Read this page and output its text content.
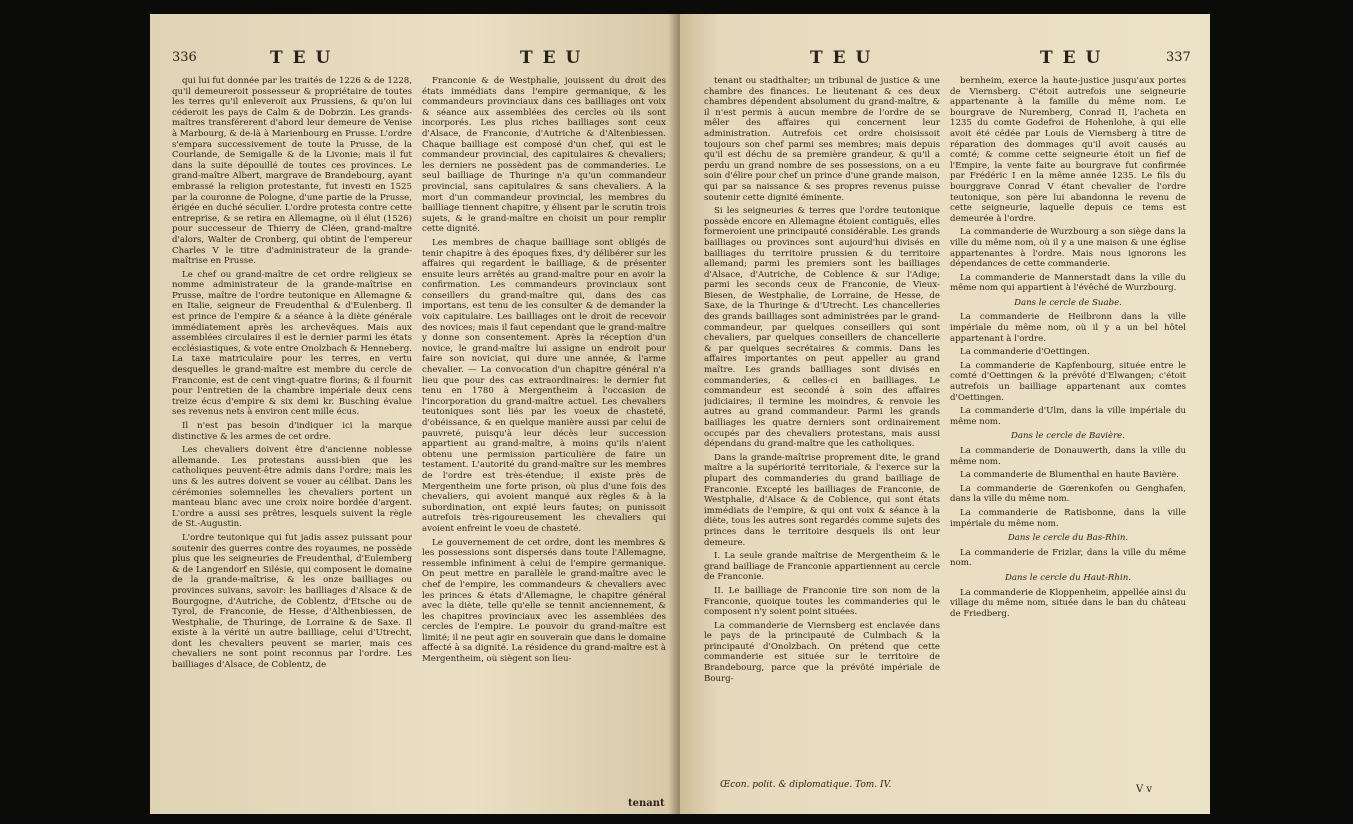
336	T E U	T E U

qui lui fut donnée par les traités de 1226 & de 1228, qu'il demeureroit possesseur & propriétaire de toutes les terres qu'il enleveroit aux Prussiens, & qu'on lui céderoit les pays de Calm & de Dobrzin. Les grands-maîtres transférerent d'abord leur demeure de Venise à Marbourg, & de-là à Marienbourg en Prusse. L'ordre s'empara successivement de toute la Prusse, de la Courlande, de Semigalle & de la Livonie; mais il fut dans la suite dépouillé de toutes ces provinces. Le grand-maître Albert, margrave de Brandebourg, ayant embrassé la religion protestante, fut investi en 1525 par la couronne de Pologne, d'une partie de la Prusse, érigée en duché séculier. L'ordre protesta contre cette entreprise, & se retira en Allemagne, où il élut (1526) pour successeur de Thierry de Cléen, grand-maître d'alors, Walter de Cronberg, qui obtint de l'empereur Charles V le titre d'administrateur de la grande-maîtrise en Prusse.

Le chef ou grand-maître de cet ordre religieux se nomme administrateur de la grande-maîtrise en Prusse, maître de l'ordre teutonique en Allemagne & en Italie, seigneur de Freudenthal & d'Eulenberg. Il est prince de l'empire & a séance à la diète générale immédiatement après les archevêques. Mais aux assemblées circulaires il est le dernier parmi les états ecclésiastiques, & vote entre Onolzbach & Henneberg. La taxe matriculaire pour les terres, en vertu desquelles le grand-maître est membre du cercle de Franconie, est de cent vingt-quatre florins; & il fournit pour l'entretien de la chambre impériale deux cens treize écus d'empire & six demi kr. Busching évalue ses revenus nets à environ cent mille écus.

Il n'est pas besoin d'indiquer ici la marque distinctive & les armes de cet ordre.

Les chevaliers doivent être d'ancienne noblesse allemande. Les protestans aussi-bien que les catholiques peuvent-être admis dans l'ordre; mais les uns & les autres doivent se vouer au célibat. Dans les cérémonies solemnelles les chevaliers portent un manteau blanc avec une croix noire bordée d'argent. L'ordre a aussi ses prêtres, lesquels suivent la règle de St.-Augustin.

L'ordre teutonique qui fut jadis assez puissant pour soutenir des guerres contre des royaumes, ne possède plus que les seigneuries de Freudenthal, d'Eulemberg & de Langendorf en Silésie, qui composent le domaine de la grande-maîtrise, & les onze bailliages ou provinces suivans, savoir: les bailliages d'Alsace & de Bourgogne, d'Autriche, de Coblentz, d'Etsche ou de Tyrol, de Franconie, de Hesse, d'Althenbiessen, de Westphalie, de Thuringe, de Lorraine & de Saxe. Il existe à la vérité un autre bailliage, celui d'Utrecht, dont les chevaliers peuvent se marier, mais ces chevaliers ne sont point reconnus par l'ordre. Les bailliages d'Alsace, de Coblentz, de

Franconie & de Westphalie, jouissent du droit des états immédiats dans l'empire germanique, & les commandeurs provinciaux dans ces bailliages ont voix & séance aux assemblées des cercles où ils sont incorporés. Les plus riches bailliages sont ceux d'Alsace, de Franconie, d'Autriche & d'Altenbiessen. Chaque bailliage est composé d'un chef, qui est le commandeur provincial, des capitulaires & chevaliers; les derniers ne possèdent pas de commanderies. Le seul bailliage de Thuringe n'a qu'un commandeur provincial, sans capitulaires & sans chevaliers. A la mort d'un commandeur provincial, les membres du bailliage tiennent chapitre, y élisent par le scrutin trois sujets, & le grand-maître en choisit un pour remplir cette dignité.

Les membres de chaque bailliage sont obligés de tenir chapitre à des époques fixes, d'y délibérer sur les affaires qui regardent le bailliage, & de présenter ensuite leurs arrêtés au grand-maître pour en avoir la confirmation. Les commandeurs provinciaux sont conseillers du grand-maître qui, dans des cas importans, est tenu de les consulter & de demander la voix capitulaire. Les bailliages ont le droit de recevoir des novices; mais il faut cependant que le grand-maître y donne son consentement. Après la réception d'un novice, le grand-maître lui assigne un endroit pour faire son noviciat, qui dure une année, & l'arme chevalier. — La convocation d'un chapitre général n'a lieu que pour des cas extraordinaires: le dernier fut tenu en 1780 à Mergentheim à l'occasion de l'incorporation du grand-maître actuel. Les chevaliers teutoniques sont liés par les voeux de chasteté, d'obéissance, & en quelque manière aussi par celui de pauvreté, puisqu'à leur décès leur succession appartient au grand-maître, à moins qu'ils n'aient obtenu une permission particulière de faire un testament. L'autorité du grand-maître sur les membres de l'ordre est très-étendue; il existe près de Mergentheim une forte prison, où plus d'une fois des chevaliers, qui avoient manqué aux règles & à la subordination, ont expié leurs fautes; on punissoit autrefois très-rigoureusement les chevaliers qui avoient enfreint le voeu de chasteté.

Le gouvernement de cet ordre, dont les membres & les possessions sont dispersés dans toute l'Allemagne, ressemble infiniment à celui de l'empire germanique. On peut mettre en parallèle le grand-maître avec le chef de l'empire, les commandeurs & chevaliers avec les princes & états d'Allemagne, le chapitre général avec la diète, telle qu'elle se tennit anciennement, & les chapitres provinciaux avec les assemblées des cercles de l'empire. Le pouvoir du grand-maître est limité; il ne peut agir en souverain que dans le domaine affecté à sa dignité. La résidence du grand-maître est à Mergentheim, où siègent son lieu-

tenant
T E U	T E U	337

tenant ou stadthalter; un tribunal de justice & une chambre des finances. Le lieutenant & ces deux chambres dépendent absolument du grand-maître, & il n'est permis à aucun membre de l'ordre de se mêler des affaires qui concernent leur administration. Autrefois cet ordre choisissoit toujours son chef parmi ses membres; mais depuis qu'il est déchu de sa première grandeur, & qu'il a perdu un grand nombre de ses possessions, on a eu soin d'élire pour chef un prince d'une grande maison, qui par sa naissance & ses propres revenus puisse soutenir cette dignité éminente.

Si les seigneuries & terres que l'ordre teutonique possède encore en Allemagne étoient contiguës, elles formeroient une principauté considérable. Les grands bailliages ou provinces sont aujourd'hui divisés en bailliages du territoire prussien & du territoire allemand; parmi les premiers sont les bailliages d'Alsace, d'Autriche, de Coblence & sur l'Adige; parmi les seconds ceux de Franconie, de Vieux-Biesen, de Westphalie, de Lorraine, de Hesse, de Saxe, de la Thuringe & d'Utrecht. Les chancelleries des grands bailliages sont administrées par le grand-commandeur, par quelques conseillers qui sont chevaliers, par quelques conseillers de chancellerie & par quelques secrétaires & commis. Dans les affaires importantes on peut appeller au grand maître. Les grands bailliages sont divisés en commanderies, & celles-ci en bailliages. Le commandeur est secondé à soin des affaires judiciaires; il termine les moindres, & renvoie les autres au grand commandeur. Parmi les grands bailliages les quatre derniers sont ordinairement occupés par des chevaliers protestans, mais aussi dépendans du grand-maître que les catholiques.

Dans la grande-maîtrise proprement dite, le grand maître a la supériorité territoriale, & l'exerce sur la plupart des commanderies du grand bailliage de Franconie. Excepté les bailliages de Franconie, de Westphalie, d'Alsace & de Coblence, qui sont états immédiats de l'empire, & qui ont voix & séance à la diète, tous les autres sont regardés comme sujets des princes dans le territoire desquels ils ont leur demeure.

I. La seule grande maîtrise de Mergentheim & le grand bailliage de Franconie appartiennent au cercle de Franconie.

II. Le bailliage de Franconie tire son nom de la Franconie, quoique toutes les commanderies qui le composent n'y soient point situées.

La commanderie de Viernsberg est enclavée dans le pays de la principauté de Culmbach & la principauté d'Onolzbach. On prétend que cette commanderie est située sur le territoire de Brandebourg, parce que la prévôté impériale de Bourg-

Œcon. polit. & diplomatique. Tom. IV.

bernheim, exerce la haute-justice jusqu'aux portes de Viernsberg. C'étoit autrefois une seigneurie appartenante à la famille du même nom. Le bourgrave de Nuremberg, Conrad II, l'acheta en 1235 du comte Godefroi de Hohenlohe, à qui elle avoit été cédée par Louis de Viernsberg à titre de réparation des dommages qu'il avoit causés au comté; & comme cette seigneurie étoit un fief de l'Empire, la vente faite au bourgrave fut confirmée par Frédéric I en la même année 1235. Le fils du bourggrave Conrad V étant chevalier de l'ordre teutonique, son père lui abandonna le revenu de cette seigneurie, laquelle depuis ce tems est demeurée à l'ordre.

La commanderie de Wurzbourg a son siège dans la ville du même nom, où il y a une maison & une église appartenantes à l'ordre. Mais nous ignorons les dépendances de cette commanderie.

La commanderie de Mannerstadt dans la ville du même nom qui appartient à l'évêché de Wurzbourg.

Dans le cercle de Suabe.

La commanderie de Heilbronn dans la ville impériale du même nom, où il y a un bel hôtel appartenant à l'ordre.

La commanderie d'Oettingen.

La commanderie de Kapfenbourg, située entre le comté d'Oettingen & la prévôté d'Elwangen; c'étoit autrefois un bailliage appartenant aux comtes d'Oettingen.

La commanderie d'Ulm, dans la ville impériale du même nom.

Dans le cercle de Bavière.

La commanderie de Donauwerth, dans la ville du même nom.

La commanderie de Blumenthal en haute Bavière.

La commanderie de Gœrenkofen ou Genghafen, dans la ville du même nom.

La commanderie de Ratisbonne, dans la ville impériale du même nom.

Dans le cercle du Bas-Rhin.

La commanderie de Frizlar, dans la ville du même nom.

Dans le cercle du Haut-Rhin.

La commanderie de Kloppenheim, appellée ainsi du village du même nom, située dans le ban du château de Friedberg.

V v
